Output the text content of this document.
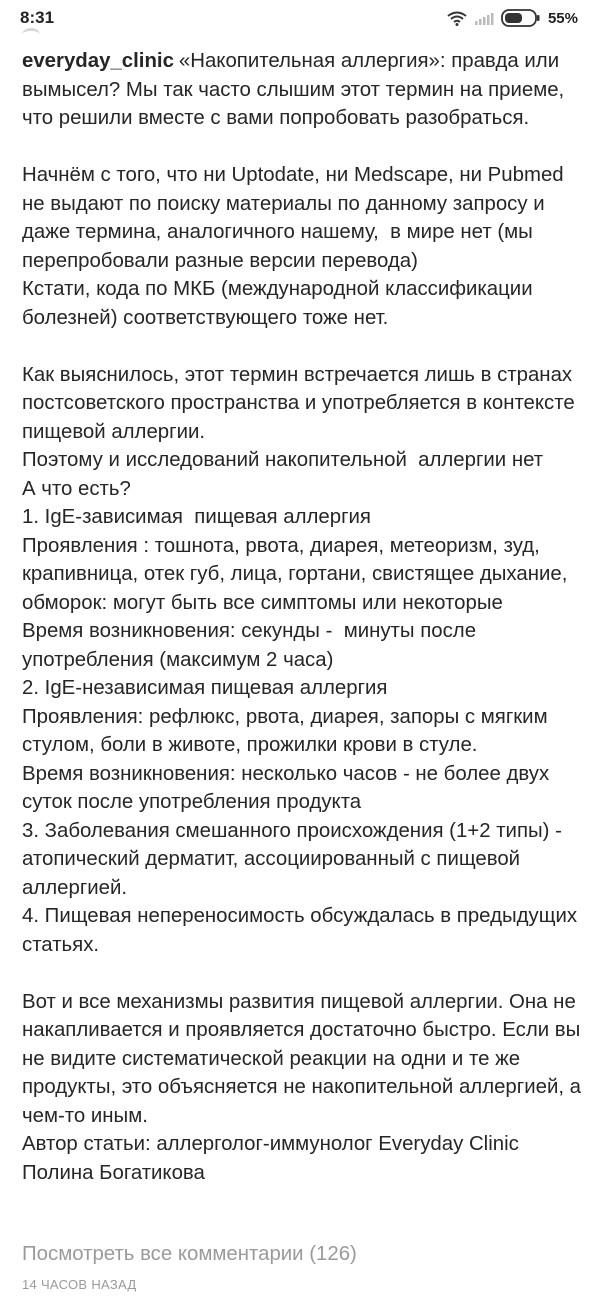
8:31	55%

everyday_clinic «Накопительная аллергия»: правда или вымысел? Мы так часто слышим этот термин на приеме, что решили вместе с вами попробовать разобраться.

Начнём с того, что ни Uptodate, ни Medscape, ни Pubmed не выдают по поиску материалы по данному запросу и даже термина, аналогичного нашему,  в мире нет (мы перепробовали разные версии перевода)

Кстати, кода по МКБ (международной классификации болезней) соответствующего тоже нет.

Как выяснилось, этот термин встречается лишь в странах постсоветского пространства и употребляется в контексте пищевой аллергии.

Поэтому и исследований накопительной  аллергии нет

А что есть?

1. IgE-зависимая  пищевая аллергия

Проявления : тошнота, рвота, диарея, метеоризм, зуд, крапивница, отек губ, лица, гортани, свистящее дыхание, обморок: могут быть все симптомы или некоторые

Время возникновения: секунды -  минуты после употребления (максимум 2 часа)

2. IgE-независимая пищевая аллергия

Проявления: рефлюкс, рвота, диарея, запоры с мягким стулом, боли в животе, прожилки крови в стуле.

Время возникновения: несколько часов - не более двух суток после употребления продукта

3. Заболевания смешанного происхождения (1+2 типы) - атопический дерматит, ассоциированный с пищевой аллергией.

4. Пищевая непереносимость обсуждалась в предыдущих статьях.

Вот и все механизмы развития пищевой аллергии. Она не накапливается и проявляется достаточно быстро. Если вы не видите систематической реакции на одни и те же продукты, это объясняется не накопительной аллергией, а чем-то иным.

Автор статьи: аллерголог-иммунолог Everyday Clinic Полина Богатикова

Посмотреть все комментарии (126)
14 ЧАСОВ НАЗАД
